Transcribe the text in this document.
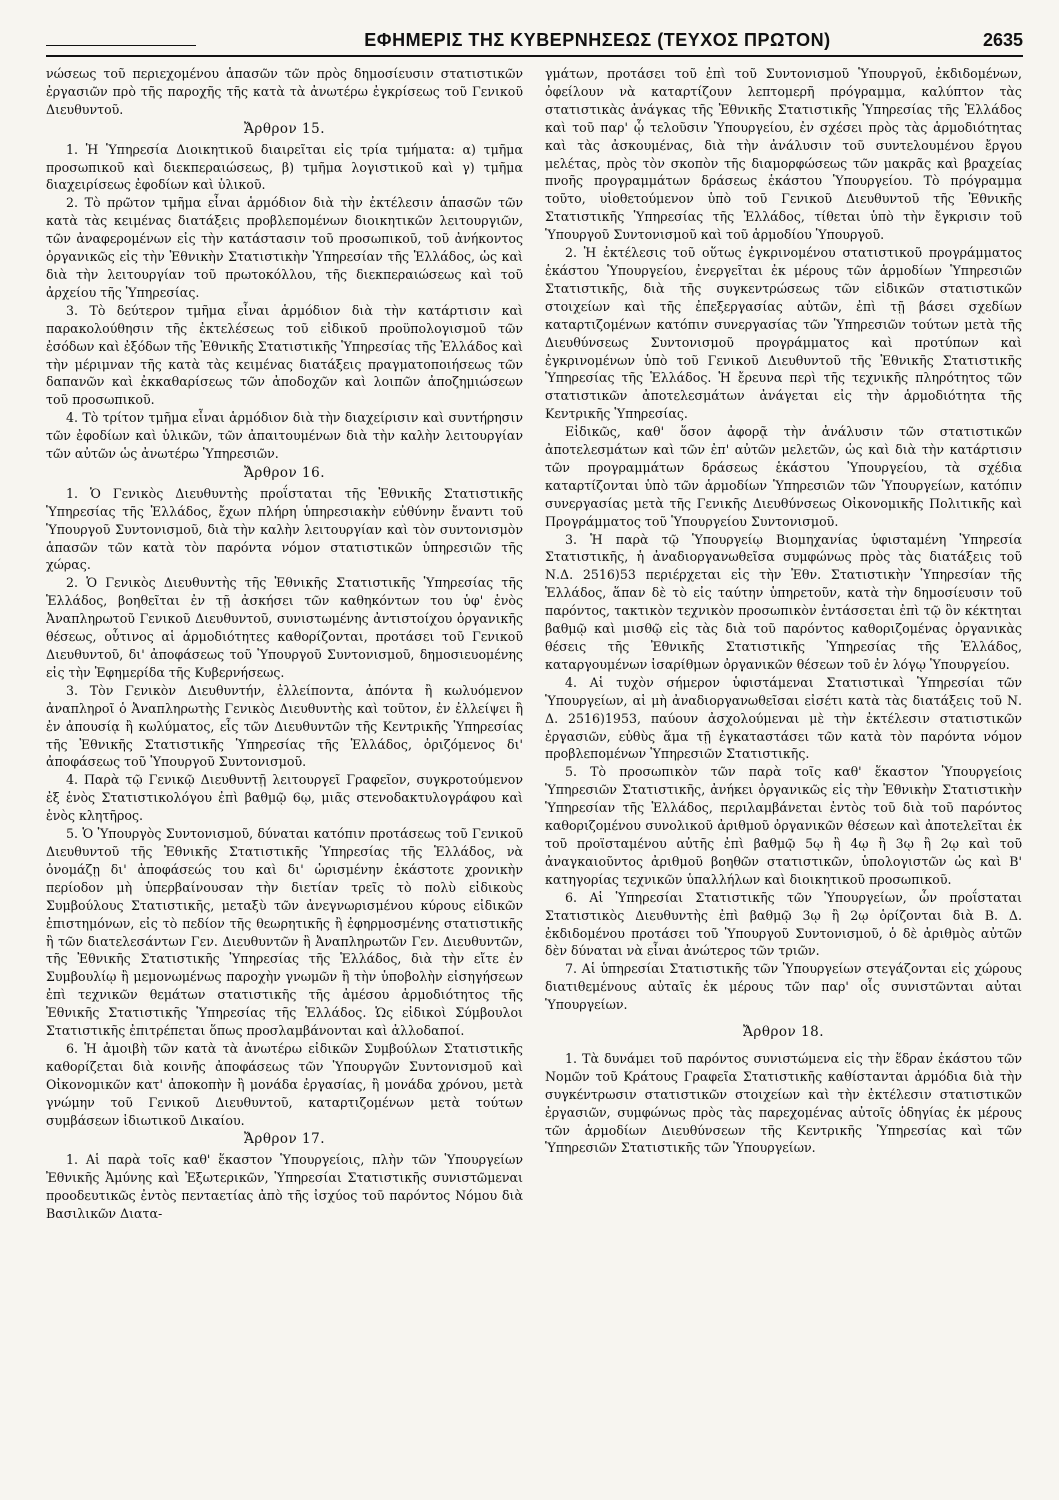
ΕΦΗΜΕΡΙΣ ΤΗΣ ΚΥΒΕΡΝΗΣΕΩΣ (ΤΕΥΧΟΣ ΠΡΩΤΟΝ)	2635

νώσεως τοῦ περιεχομένου ἁπασῶν τῶν πρὸς δημοσίευσιν στατιστικῶν ἐργασιῶν πρὸ τῆς παροχῆς τῆς κατὰ τὰ ἀνωτέρω ἐγκρίσεως τοῦ Γενικοῦ Διευθυντοῦ.

Ἄρθρον 15.

1. Ἡ Ὑπηρεσία Διοικητικοῦ διαιρεῖται εἰς τρία τμήματα: α) τμῆμα προσωπικοῦ καὶ διεκπεραιώσεως, β) τμῆμα λογιστικοῦ καὶ γ) τμῆμα διαχειρίσεως ἐφοδίων καὶ ὑλικοῦ.

2. Τὸ πρῶτον τμῆμα εἶναι ἁρμόδιον διὰ τὴν ἐκτέλεσιν ἁπασῶν τῶν κατὰ τὰς κειμένας διατάξεις προβλεπομένων διοικητικῶν λειτουργιῶν, τῶν ἀναφερομένων εἰς τὴν κατάστασιν τοῦ προσωπικοῦ, τοῦ ἀνήκοντος ὀργανικῶς εἰς τὴν Ἐθνικὴν Στατιστικὴν Ὑπηρεσίαν τῆς Ἑλλάδος, ὡς καὶ διὰ τὴν λειτουργίαν τοῦ πρωτοκόλλου, τῆς διεκπεραιώσεως καὶ τοῦ ἀρχείου τῆς Ὑπηρεσίας.

3. Τὸ δεύτερον τμῆμα εἶναι ἁρμόδιον διὰ τὴν κατάρτισιν καὶ παρακολούθησιν τῆς ἐκτελέσεως τοῦ εἰδικοῦ προϋπολογισμοῦ τῶν ἐσόδων καὶ ἐξόδων τῆς Ἐθνικῆς Στατιστικῆς Ὑπηρεσίας τῆς Ἑλλάδος καὶ τὴν μέριμναν τῆς κατὰ τὰς κειμένας διατάξεις πραγματοποιήσεως τῶν δαπανῶν καὶ ἐκκαθαρίσεως τῶν ἀποδοχῶν καὶ λοιπῶν ἀποζημιώσεων τοῦ προσωπικοῦ.

4. Τὸ τρίτον τμῆμα εἶναι ἁρμόδιον διὰ τὴν διαχείρισιν καὶ συντήρησιν τῶν ἐφοδίων καὶ ὑλικῶν, τῶν ἀπαιτουμένων διὰ τὴν καλὴν λειτουργίαν τῶν αὐτῶν ὡς ἀνωτέρω Ὑπηρεσιῶν.

Ἄρθρον 16.

1. Ὁ Γενικὸς Διευθυντὴς προΐσταται τῆς Ἐθνικῆς Στατιστικῆς Ὑπηρεσίας τῆς Ἑλλάδος, ἔχων πλήρη ὑπηρεσιακὴν εὐθύνην ἔναντι τοῦ Ὑπουργοῦ Συντονισμοῦ, διὰ τὴν καλὴν λειτουργίαν καὶ τὸν συντονισμὸν ἁπασῶν τῶν κατὰ τὸν παρόντα νόμον στατιστικῶν ὑπηρεσιῶν τῆς χώρας.

2. Ὁ Γενικὸς Διευθυντὴς τῆς Ἐθνικῆς Στατιστικῆς Ὑπηρεσίας τῆς Ἑλλάδος, βοηθεῖται ἐν τῇ ἀσκήσει τῶν καθηκόντων του ὑφ' ἑνὸς Ἀναπληρωτοῦ Γενικοῦ Διευθυντοῦ, συνιστωμένης ἀντιστοίχου ὀργανικῆς θέσεως, οὗτινος αἱ ἁρμοδιότητες καθορίζονται, προτάσει τοῦ Γενικοῦ Διευθυντοῦ, δι' ἀποφάσεως τοῦ Ὑπουργοῦ Συντονισμοῦ, δημοσιευομένης εἰς τὴν Ἐφημερίδα τῆς Κυβερνήσεως.

3. Τὸν Γενικὸν Διευθυντήν, ἐλλείποντα, ἀπόντα ἢ κωλυόμενον ἀναπληροῖ ὁ Ἀναπληρωτὴς Γενικὸς Διευθυντὴς καὶ τοῦτον, ἐν ἐλλείψει ἢ ἐν ἀπουσίᾳ ἢ κωλύματος, εἷς τῶν Διευθυντῶν τῆς Κεντρικῆς Ὑπηρεσίας τῆς Ἐθνικῆς Στατιστικῆς Ὑπηρεσίας τῆς Ἑλλάδος, ὁριζόμενος δι' ἀποφάσεως τοῦ Ὑπουργοῦ Συντονισμοῦ.

4. Παρὰ τῷ Γενικῷ Διευθυντῇ λειτουργεῖ Γραφεῖον, συγκροτούμενον ἐξ ἑνὸς Στατιστικολόγου ἐπὶ βαθμῷ 6ῳ, μιᾶς στενοδακτυλογράφου καὶ ἑνὸς κλητῆρος.

5. Ὁ Ὑπουργὸς Συντονισμοῦ, δύναται κατόπιν προτάσεως τοῦ Γενικοῦ Διευθυντοῦ τῆς Ἐθνικῆς Στατιστικῆς Ὑπηρεσίας τῆς Ἑλλάδος, νὰ ὀνομάζῃ δι' ἀποφάσεώς του καὶ δι' ὡρισμένην ἑκάστοτε χρονικὴν περίοδον μὴ ὑπερβαίνουσαν τὴν διετίαν τρεῖς τὸ πολὺ εἰδικοὺς Συμβούλους Στατιστικῆς, μεταξὺ τῶν ἀνεγνωρισμένου κύρους εἰδικῶν ἐπιστημόνων, εἰς τὸ πεδίον τῆς θεωρητικῆς ἢ ἐφηρμοσμένης στατιστικῆς ἢ τῶν διατελεσάντων Γεν. Διευθυντῶν ἢ Ἀναπληρωτῶν Γεν. Διευθυντῶν, τῆς Ἐθνικῆς Στατιστικῆς Ὑπηρεσίας τῆς Ἑλλάδος, διὰ τὴν εἴτε ἐν Συμβουλίῳ ἢ μεμονωμένως παροχὴν γνωμῶν ἢ τὴν ὑποβολὴν εἰσηγήσεων ἐπὶ τεχνικῶν θεμάτων στατιστικῆς τῆς ἀμέσου ἁρμοδιότητος τῆς Ἐθνικῆς Στατιστικῆς Ὑπηρεσίας τῆς Ἑλλάδος. Ὡς εἰδικοὶ Σύμβουλοι Στατιστικῆς ἐπιτρέπεται ὅπως προσλαμβάνονται καὶ ἀλλοδαποί.

6. Ἡ ἀμοιβὴ τῶν κατὰ τὰ ἀνωτέρω εἰδικῶν Συμβούλων Στατιστικῆς καθορίζεται διὰ κοινῆς ἀποφάσεως τῶν Ὑπουργῶν Συντονισμοῦ καὶ Οἰκονομικῶν κατ' ἀποκοπὴν ἢ μονάδα ἐργασίας, ἢ μονάδα χρόνου, μετὰ γνώμην τοῦ Γενικοῦ Διευθυντοῦ, καταρτιζομένων μετὰ τούτων συμβάσεων ἰδιωτικοῦ Δικαίου.

Ἄρθρον 17.

1. Αἱ παρὰ τοῖς καθ' ἕκαστον Ὑπουργείοις, πλὴν τῶν Ὑπουργείων Ἐθνικῆς Ἀμύνης καὶ Ἐξωτερικῶν, Ὑπηρεσίαι Στατιστικῆς συνιστῶμεναι προοδευτικῶς ἐντὸς πενταετίας ἀπὸ τῆς ἰσχύος τοῦ παρόντος Νόμου διὰ Βασιλικῶν Διατα-

γμάτων, προτάσει τοῦ ἐπὶ τοῦ Συντονισμοῦ Ὑπουργοῦ, ἐκδιδομένων, ὀφείλουν νὰ καταρτίζουν λεπτομερῆ πρόγραμμα, καλύπτον τὰς στατιστικὰς ἀνάγκας τῆς Ἐθνικῆς Στατιστικῆς Ὑπηρεσίας τῆς Ἑλλάδος καὶ τοῦ παρ' ᾧ τελοῦσιν Ὑπουργείου, ἐν σχέσει πρὸς τὰς ἁρμοδιότητας καὶ τὰς ἀσκουμένας, διὰ τὴν ἀνάλυσιν τοῦ συντελουμένου ἔργου μελέτας, πρὸς τὸν σκοπὸν τῆς διαμορφώσεως τῶν μακρᾶς καὶ βραχείας πνοῆς προγραμμάτων δράσεως ἑκάστου Ὑπουργείου. Τὸ πρόγραμμα τοῦτο, υἱοθετούμενον ὑπὸ τοῦ Γενικοῦ Διευθυντοῦ τῆς Ἐθνικῆς Στατιστικῆς Ὑπηρεσίας τῆς Ἑλλάδος, τίθεται ὑπὸ τὴν ἔγκρισιν τοῦ Ὑπουργοῦ Συντονισμοῦ καὶ τοῦ ἁρμοδίου Ὑπουργοῦ.

2. Ἡ ἐκτέλεσις τοῦ οὕτως ἐγκρινομένου στατιστικοῦ προγράμματος ἑκάστου Ὑπουργείου, ἐνεργεῖται ἐκ μέρους τῶν ἁρμοδίων Ὑπηρεσιῶν Στατιστικῆς, διὰ τῆς συγκεντρώσεως τῶν εἰδικῶν στατιστικῶν στοιχείων καὶ τῆς ἐπεξεργασίας αὐτῶν, ἐπὶ τῇ βάσει σχεδίων καταρτιζομένων κατόπιν συνεργασίας τῶν Ὑπηρεσιῶν τούτων μετὰ τῆς Διευθύνσεως Συντονισμοῦ προγράμματος καὶ προτύπων καὶ ἐγκρινομένων ὑπὸ τοῦ Γενικοῦ Διευθυντοῦ τῆς Ἐθνικῆς Στατιστικῆς Ὑπηρεσίας τῆς Ἑλλάδος. Ἡ ἔρευνα περὶ τῆς τεχνικῆς πληρότητος τῶν στατιστικῶν ἀποτελεσμάτων ἀνάγεται εἰς τὴν ἁρμοδιότητα τῆς Κεντρικῆς Ὑπηρεσίας.

Εἰδικῶς, καθ' ὅσον ἀφορᾷ τὴν ἀνάλυσιν τῶν στατιστικῶν ἀποτελεσμάτων καὶ τῶν ἐπ' αὐτῶν μελετῶν, ὡς καὶ διὰ τὴν κατάρτισιν τῶν προγραμμάτων δράσεως ἑκάστου Ὑπουργείου, τὰ σχέδια καταρτίζονται ὑπὸ τῶν ἁρμοδίων Ὑπηρεσιῶν τῶν Ὑπουργείων, κατόπιν συνεργασίας μετὰ τῆς Γενικῆς Διευθύνσεως Οἰκονομικῆς Πολιτικῆς καὶ Προγράμματος τοῦ Ὑπουργείου Συντονισμοῦ.

3. Ἡ παρὰ τῷ Ὑπουργείῳ Βιομηχανίας ὑφισταμένη Ὑπηρεσία Στατιστικῆς, ἡ ἀναδιοργανωθεῖσα συμφώνως πρὸς τὰς διατάξεις τοῦ Ν.Δ. 2516)53 περιέρχεται εἰς τὴν Ἐθν. Στατιστικὴν Ὑπηρεσίαν τῆς Ἑλλάδος, ἅπαν δὲ τὸ εἰς ταύτην ὑπηρετοῦν, κατὰ τὴν δημοσίευσιν τοῦ παρόντος, τακτικὸν τεχνικὸν προσωπικὸν ἐντάσσεται ἐπὶ τῷ ὃν κέκτηται βαθμῷ καὶ μισθῷ εἰς τὰς διὰ τοῦ παρόντος καθοριζομένας ὀργανικὰς θέσεις τῆς Ἐθνικῆς Στατιστικῆς Ὑπηρεσίας τῆς Ἑλλάδος, καταργουμένων ἰσαρίθμων ὀργανικῶν θέσεων τοῦ ἐν λόγῳ Ὑπουργείου.

4. Αἱ τυχὸν σήμερον ὑφιστάμεναι Στατιστικαὶ Ὑπηρεσίαι τῶν Ὑπουργείων, αἱ μὴ ἀναδιοργανωθεῖσαι εἰσέτι κατὰ τὰς διατάξεις τοῦ Ν. Δ. 2516)1953, παύουν ἀσχολούμεναι μὲ τὴν ἐκτέλεσιν στατιστικῶν ἐργασιῶν, εὐθὺς ἅμα τῇ ἐγκαταστάσει τῶν κατὰ τὸν παρόντα νόμον προβλεπομένων Ὑπηρεσιῶν Στατιστικῆς.

5. Τὸ προσωπικὸν τῶν παρὰ τοῖς καθ' ἕκαστον Ὑπουργείοις Ὑπηρεσιῶν Στατιστικῆς, ἀνήκει ὀργανικῶς εἰς τὴν Ἐθνικὴν Στατιστικὴν Ὑπηρεσίαν τῆς Ἑλλάδος, περιλαμβάνεται ἐντὸς τοῦ διὰ τοῦ παρόντος καθοριζομένου συνολικοῦ ἀριθμοῦ ὀργανικῶν θέσεων καὶ ἀποτελεῖται ἐκ τοῦ προϊσταμένου αὐτῆς ἐπὶ βαθμῷ 5ῳ ἢ 4ῳ ἢ 3ῳ ἢ 2ῳ καὶ τοῦ ἀναγκαιοῦντος ἀριθμοῦ βοηθῶν στατιστικῶν, ὑπολογιστῶν ὡς καὶ Β' κατηγορίας τεχνικῶν ὑπαλλήλων καὶ διοικητικοῦ προσωπικοῦ.

6. Αἱ Ὑπηρεσίαι Στατιστικῆς τῶν Ὑπουργείων, ὧν προΐσταται Στατιστικὸς Διευθυντὴς ἐπὶ βαθμῷ 3ῳ ἢ 2ῳ ὁρίζονται διὰ Β. Δ. ἐκδιδομένου προτάσει τοῦ Ὑπουργοῦ Συντονισμοῦ, ὁ δὲ ἀριθμὸς αὐτῶν δὲν δύναται νὰ εἶναι ἀνώτερος τῶν τριῶν.

7. Αἱ ὑπηρεσίαι Στατιστικῆς τῶν Ὑπουργείων στεγάζονται εἰς χώρους διατιθεμένους αὐταῖς ἐκ μέρους τῶν παρ' οἷς συνιστῶνται αὐται Ὑπουργείων.

Ἄρθρον 18.

1. Τὰ δυνάμει τοῦ παρόντος συνιστώμενα εἰς τὴν ἕδραν ἑκάστου τῶν Νομῶν τοῦ Κράτους Γραφεῖα Στατιστικῆς καθίστανται ἁρμόδια διὰ τὴν συγκέντρωσιν στατιστικῶν στοιχείων καὶ τὴν ἐκτέλεσιν στατιστικῶν ἐργασιῶν, συμφώνως πρὸς τὰς παρεχομένας αὐτοῖς ὁδηγίας ἐκ μέρους τῶν ἁρμοδίων Διευθύνσεων τῆς Κεντρικῆς Ὑπηρεσίας καὶ τῶν Ὑπηρεσιῶν Στατιστικῆς τῶν Ὑπουργείων.
